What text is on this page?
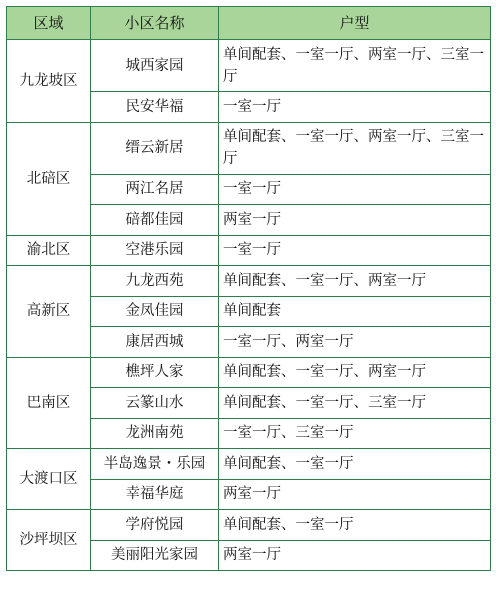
区域	小区名称	户型
九龙坡区	城西家园	单间配套、一室一厅、两室一厅、三室一厅
	民安华福	一室一厅
北碚区	缙云新居	单间配套、一室一厅、两室一厅、三室一厅
	两江名居	一室一厅
	碚都佳园	两室一厅
渝北区	空港乐园	一室一厅
高新区	九龙西苑	单间配套、一室一厅、两室一厅
	金凤佳园	单间配套
	康居西城	一室一厅、两室一厅
巴南区	樵坪人家	单间配套、一室一厅、两室一厅
	云篆山水	单间配套、一室一厅、三室一厅
	龙洲南苑	一室一厅、三室一厅
大渡口区	半岛逸景・乐园	单间配套、一室一厅
	幸福华庭	两室一厅
沙坪坝区	学府悦园	单间配套、一室一厅
	美丽阳光家园	两室一厅
